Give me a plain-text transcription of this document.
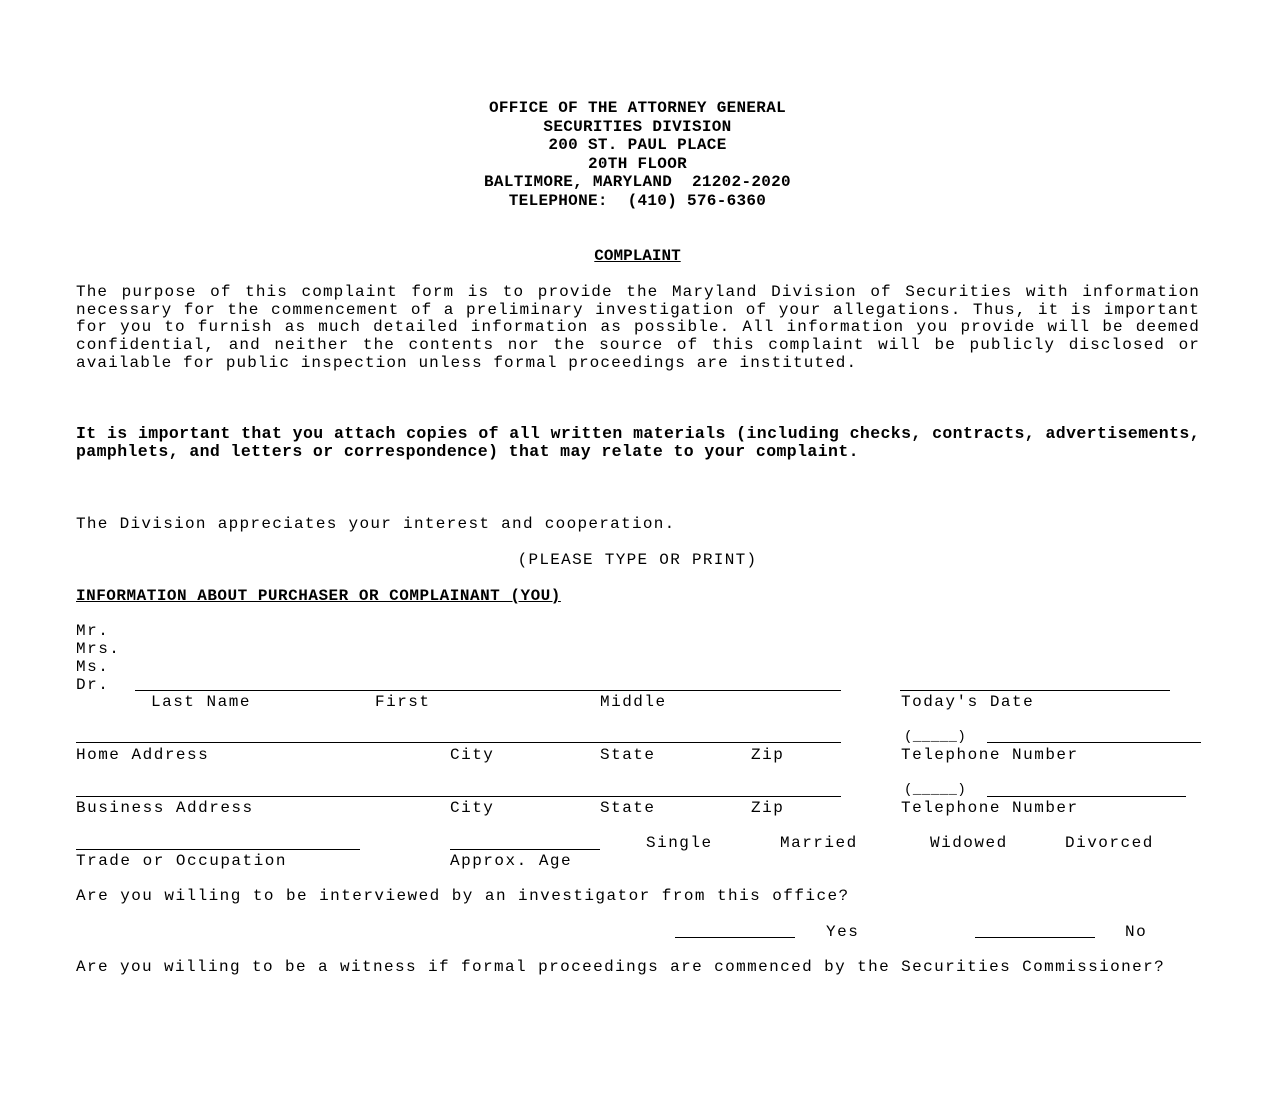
OFFICE OF THE ATTORNEY GENERAL
SECURITIES DIVISION
200 ST. PAUL PLACE
20TH FLOOR
BALTIMORE, MARYLAND  21202-2020
TELEPHONE:  (410) 576-6360
COMPLAINT
The purpose of this complaint form is to provide the Maryland Division of Securities with information necessary for the commencement of a preliminary investigation of your allegations. Thus, it is important for you to furnish as much detailed information as possible. All information you provide will be deemed confidential, and neither the contents nor the source of this complaint will be publicly disclosed or available for public inspection unless formal proceedings are instituted.
It is important that you attach copies of all written materials (including checks, contracts, advertisements, pamphlets, and letters or correspondence) that may relate to your complaint.
The Division appreciates your interest and cooperation.
(PLEASE TYPE OR PRINT)
INFORMATION ABOUT PURCHASER OR COMPLAINANT (YOU)
Mr.
Mrs.
Ms.
Dr.
Last Name	First	Middle	Today's Date
(_____)
Home Address	City	State	Zip	Telephone Number
(_____)
Business Address	City	State	Zip	Telephone Number
Single	Married	Widowed	Divorced
Trade or Occupation	Approx. Age
Are you willing to be interviewed by an investigator from this office?
Yes	No
Are you willing to be a witness if formal proceedings are commenced by the Securities Commissioner?
